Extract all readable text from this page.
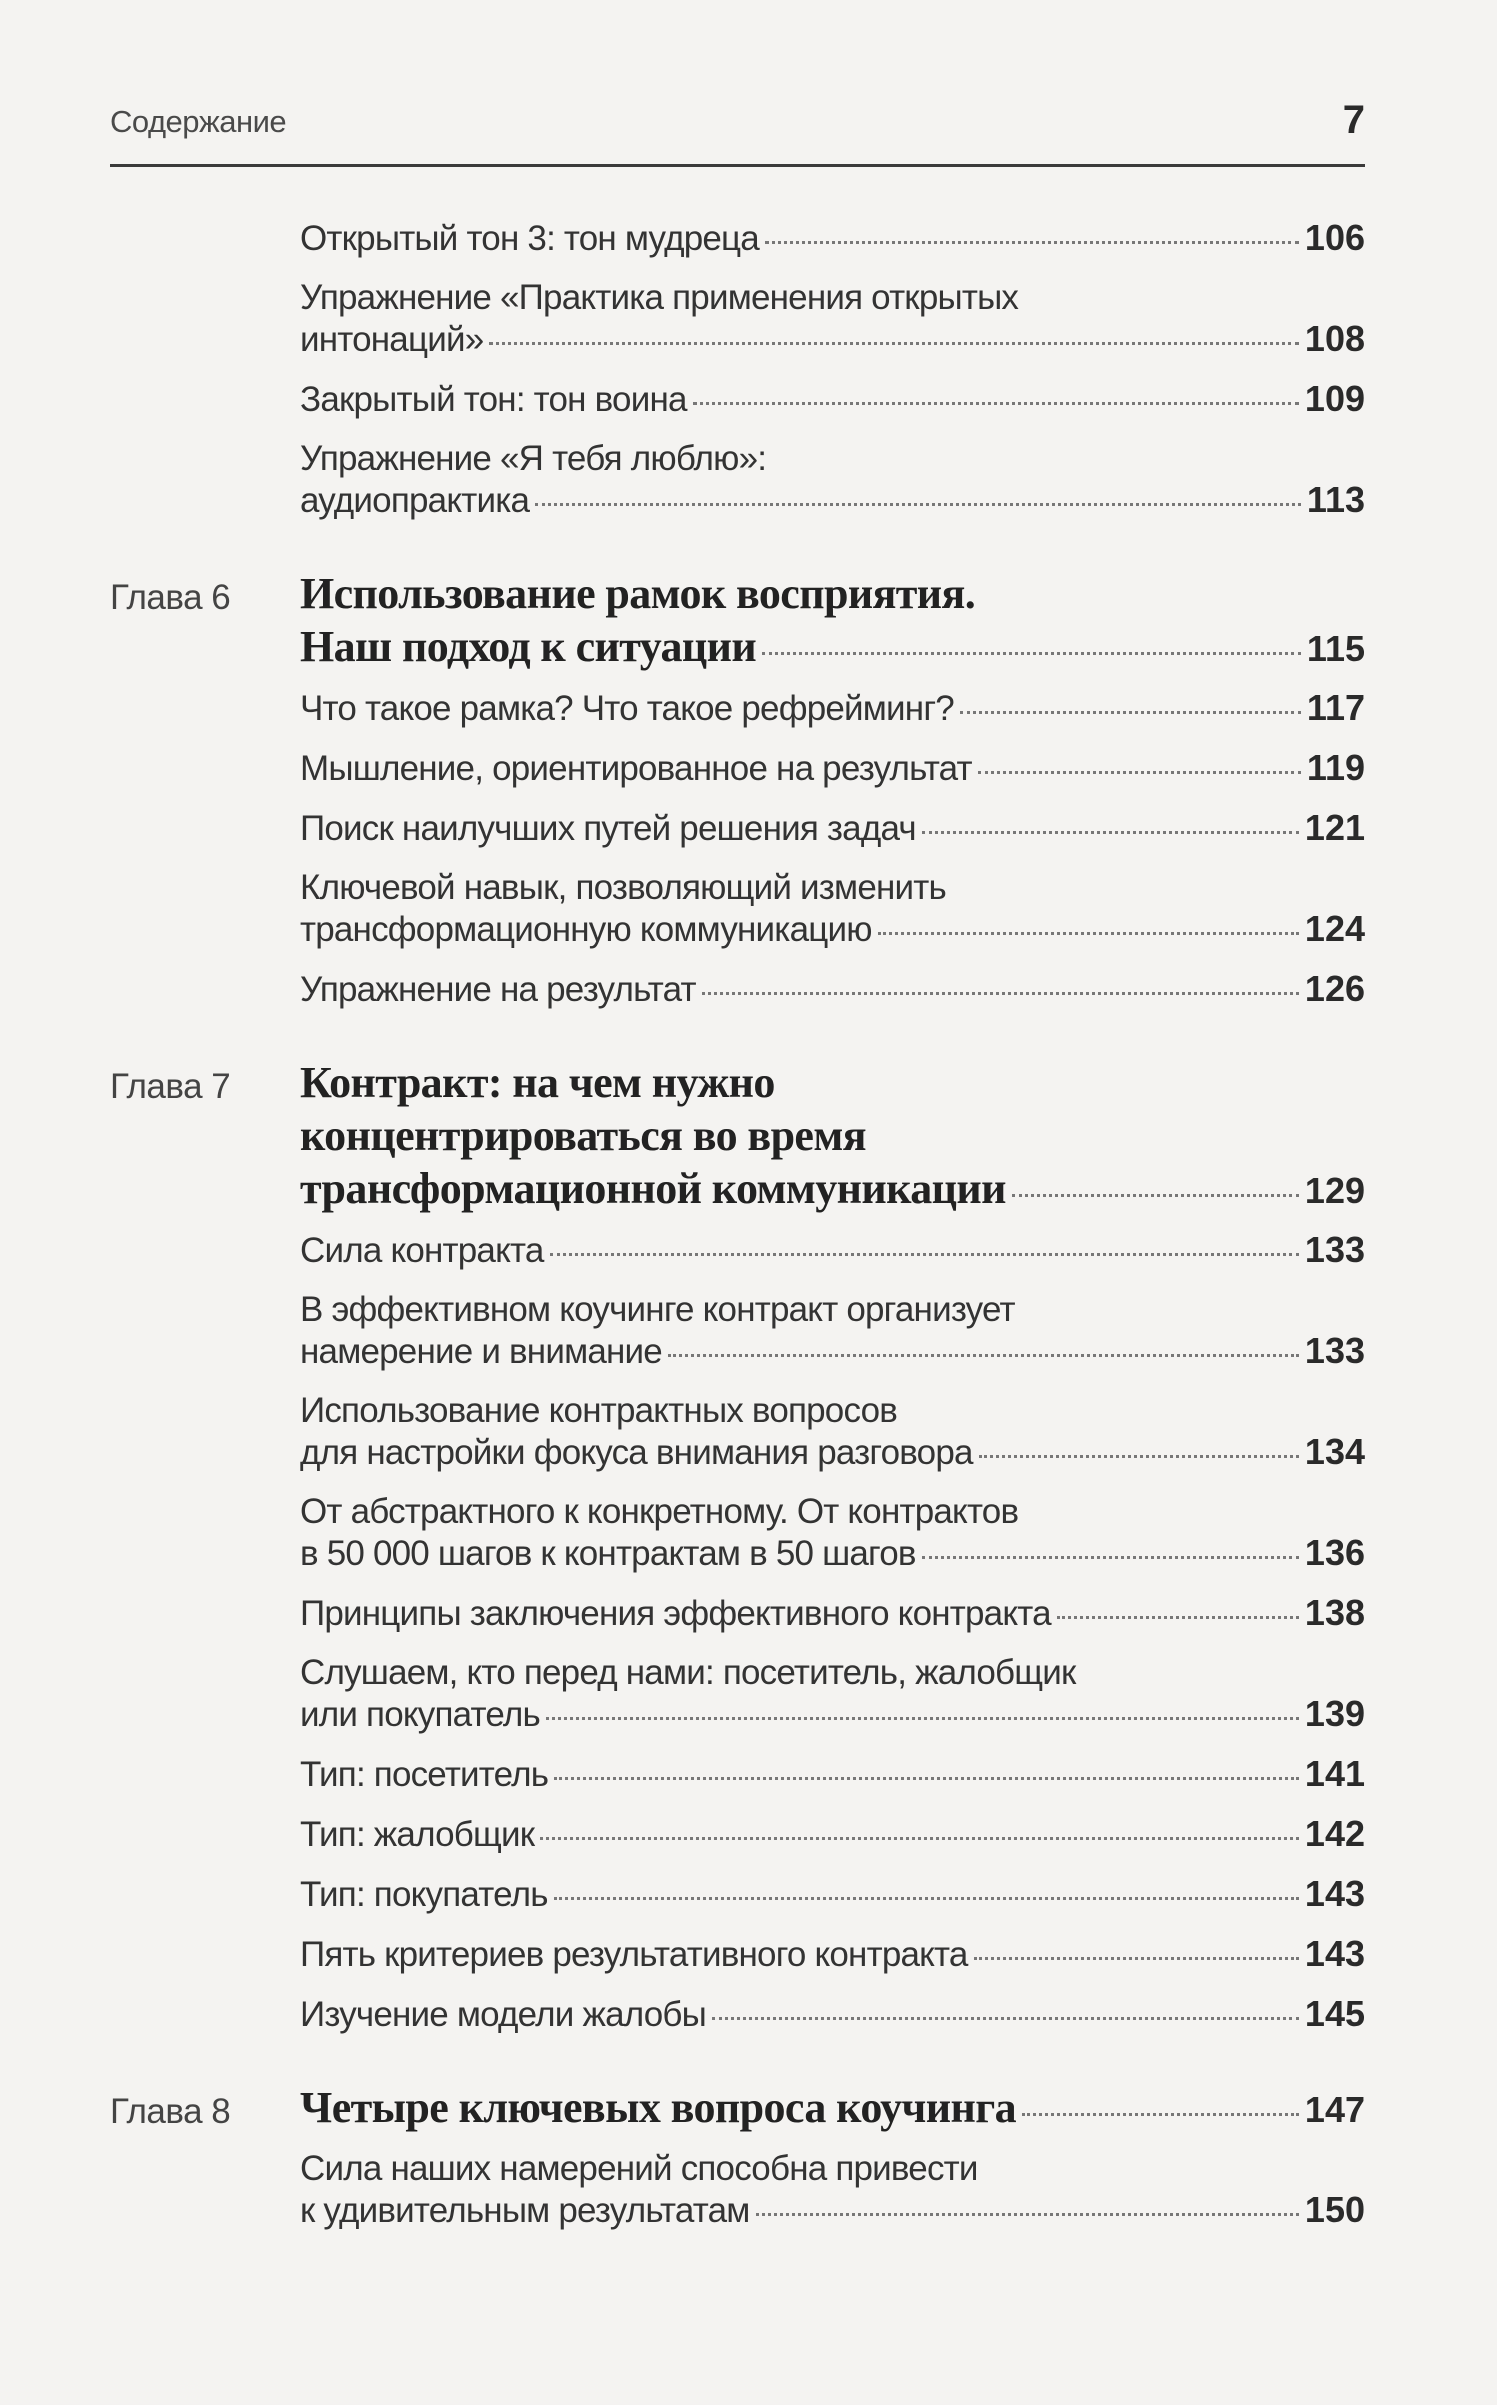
Содержание	7
Открытый тон 3: тон мудреца	106
Упражнение «Практика применения открытых
интонаций»	108
Закрытый тон: тон воина	109
Упражнение «Я тебя люблю»:
аудиопрактика	113
Глава 6 Использование рамок восприятия.
Наш подход к ситуации	115
Что такое рамка? Что такое рефрейминг?	117
Мышление, ориентированное на результат	119
Поиск наилучших путей решения задач	121
Ключевой навык, позволяющий изменить
трансформационную коммуникацию	124
Упражнение на результат	126
Глава 7 Контракт: на чем нужно
концентрироваться во время
трансформационной коммуникации	129
Сила контракта	133
В эффективном коучинге контракт организует
намерение и внимание	133
Использование контрактных вопросов
для настройки фокуса внимания разговора	134
От абстрактного к конкретному. От контрактов
в 50 000 шагов к контрактам в 50 шагов	136
Принципы заключения эффективного контракта	138
Слушаем, кто перед нами: посетитель, жалобщик
или покупатель	139
Тип: посетитель	141
Тип: жалобщик	142
Тип: покупатель	143
Пять критериев результативного контракта	143
Изучение модели жалобы	145
Глава 8 Четыре ключевых вопроса коучинга	147
Сила наших намерений способна привести
к удивительным результатам	150
